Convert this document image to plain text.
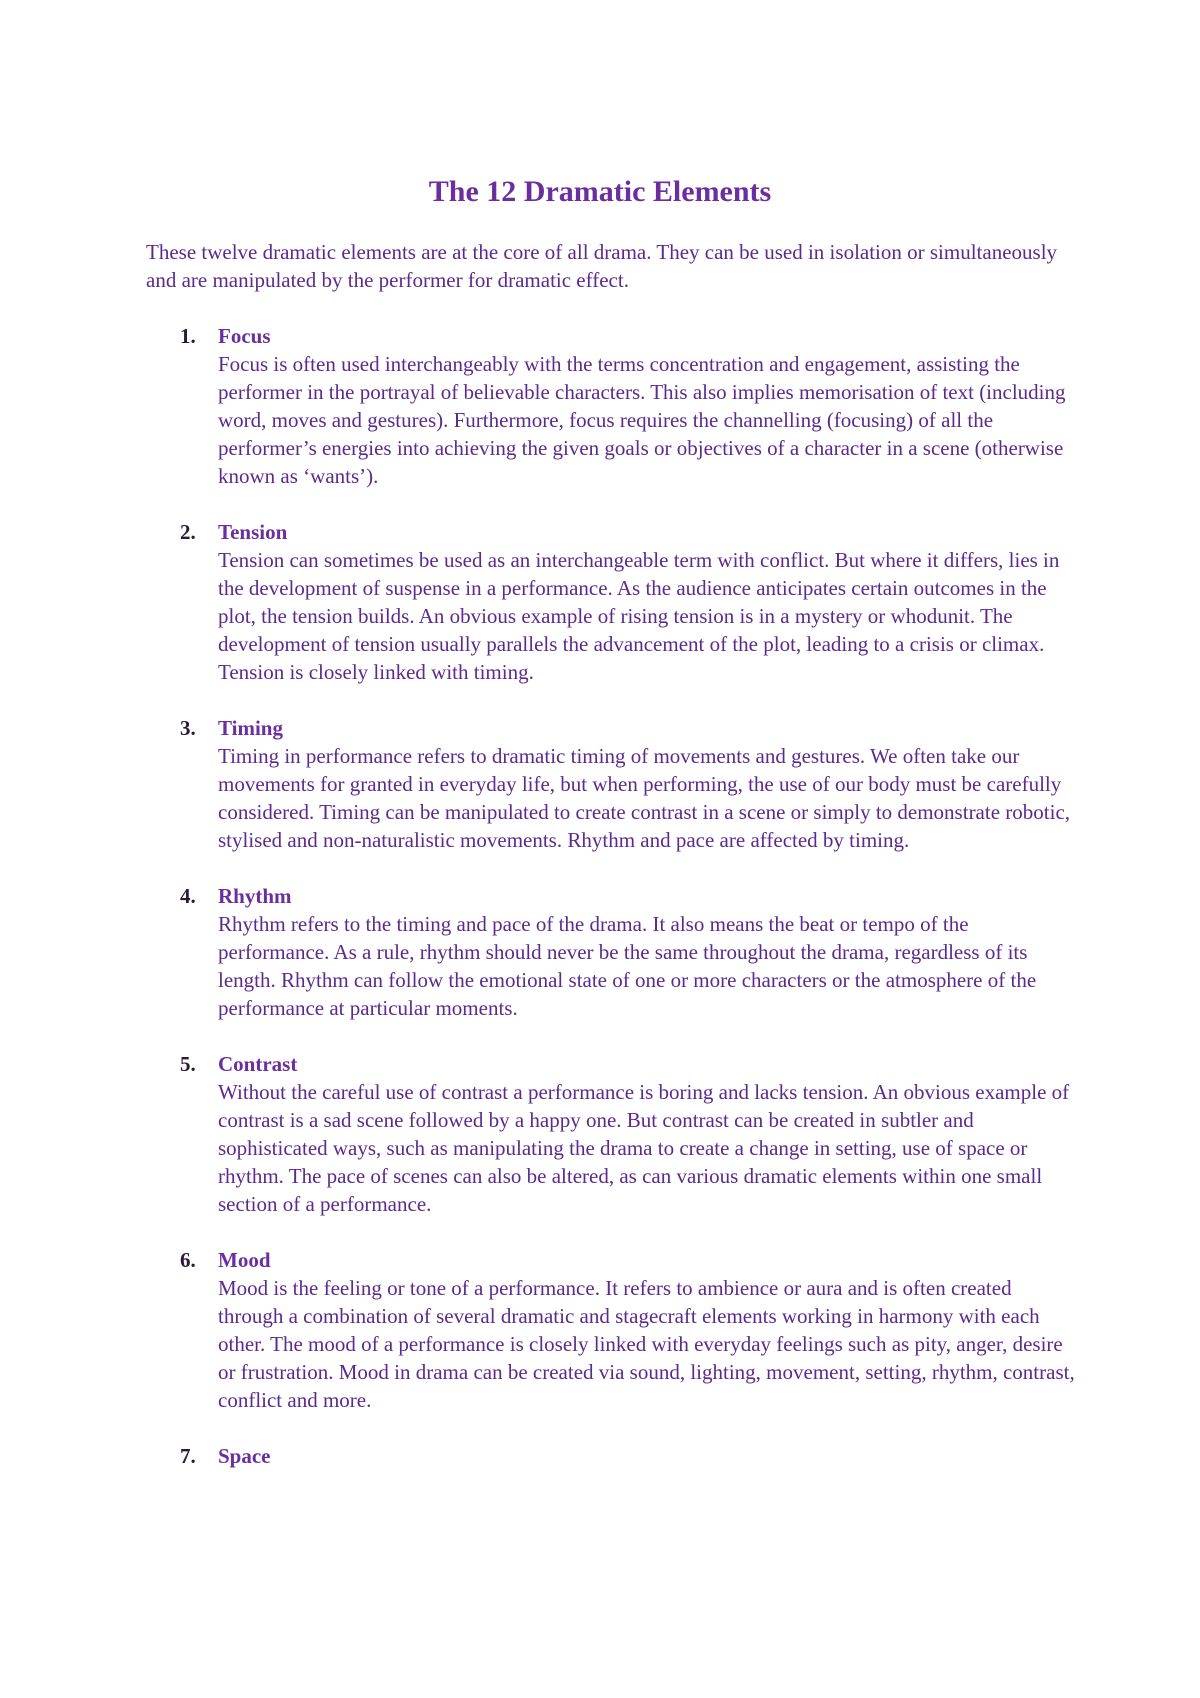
The 12 Dramatic Elements

These twelve dramatic elements are at the core of all drama. They can be used in isolation or simultaneously and are manipulated by the performer for dramatic effect.

1. Focus
Focus is often used interchangeably with the terms concentration and engagement, assisting the performer in the portrayal of believable characters. This also implies memorisation of text (including word, moves and gestures). Furthermore, focus requires the channelling (focusing) of all the performer’s energies into achieving the given goals or objectives of a character in a scene (otherwise known as ‘wants’).
2. Tension
Tension can sometimes be used as an interchangeable term with conflict. But where it differs, lies in the development of suspense in a performance. As the audience anticipates certain outcomes in the plot, the tension builds. An obvious example of rising tension is in a mystery or whodunit. The development of tension usually parallels the advancement of the plot, leading to a crisis or climax. Tension is closely linked with timing.
3. Timing
Timing in performance refers to dramatic timing of movements and gestures. We often take our movements for granted in everyday life, but when performing, the use of our body must be carefully considered. Timing can be manipulated to create contrast in a scene or simply to demonstrate robotic, stylised and non-naturalistic movements. Rhythm and pace are affected by timing.
4. Rhythm
Rhythm refers to the timing and pace of the drama. It also means the beat or tempo of the performance. As a rule, rhythm should never be the same throughout the drama, regardless of its length. Rhythm can follow the emotional state of one or more characters or the atmosphere of the performance at particular moments.
5. Contrast
Without the careful use of contrast a performance is boring and lacks tension. An obvious example of contrast is a sad scene followed by a happy one. But contrast can be created in subtler and sophisticated ways, such as manipulating the drama to create a change in setting, use of space or rhythm. The pace of scenes can also be altered, as can various dramatic elements within one small section of a performance.
6. Mood
Mood is the feeling or tone of a performance. It refers to ambience or aura and is often created through a combination of several dramatic and stagecraft elements working in harmony with each other. The mood of a performance is closely linked with everyday feelings such as pity, anger, desire or frustration. Mood in drama can be created via sound, lighting, movement, setting, rhythm, contrast, conflict and more.
7. Space
